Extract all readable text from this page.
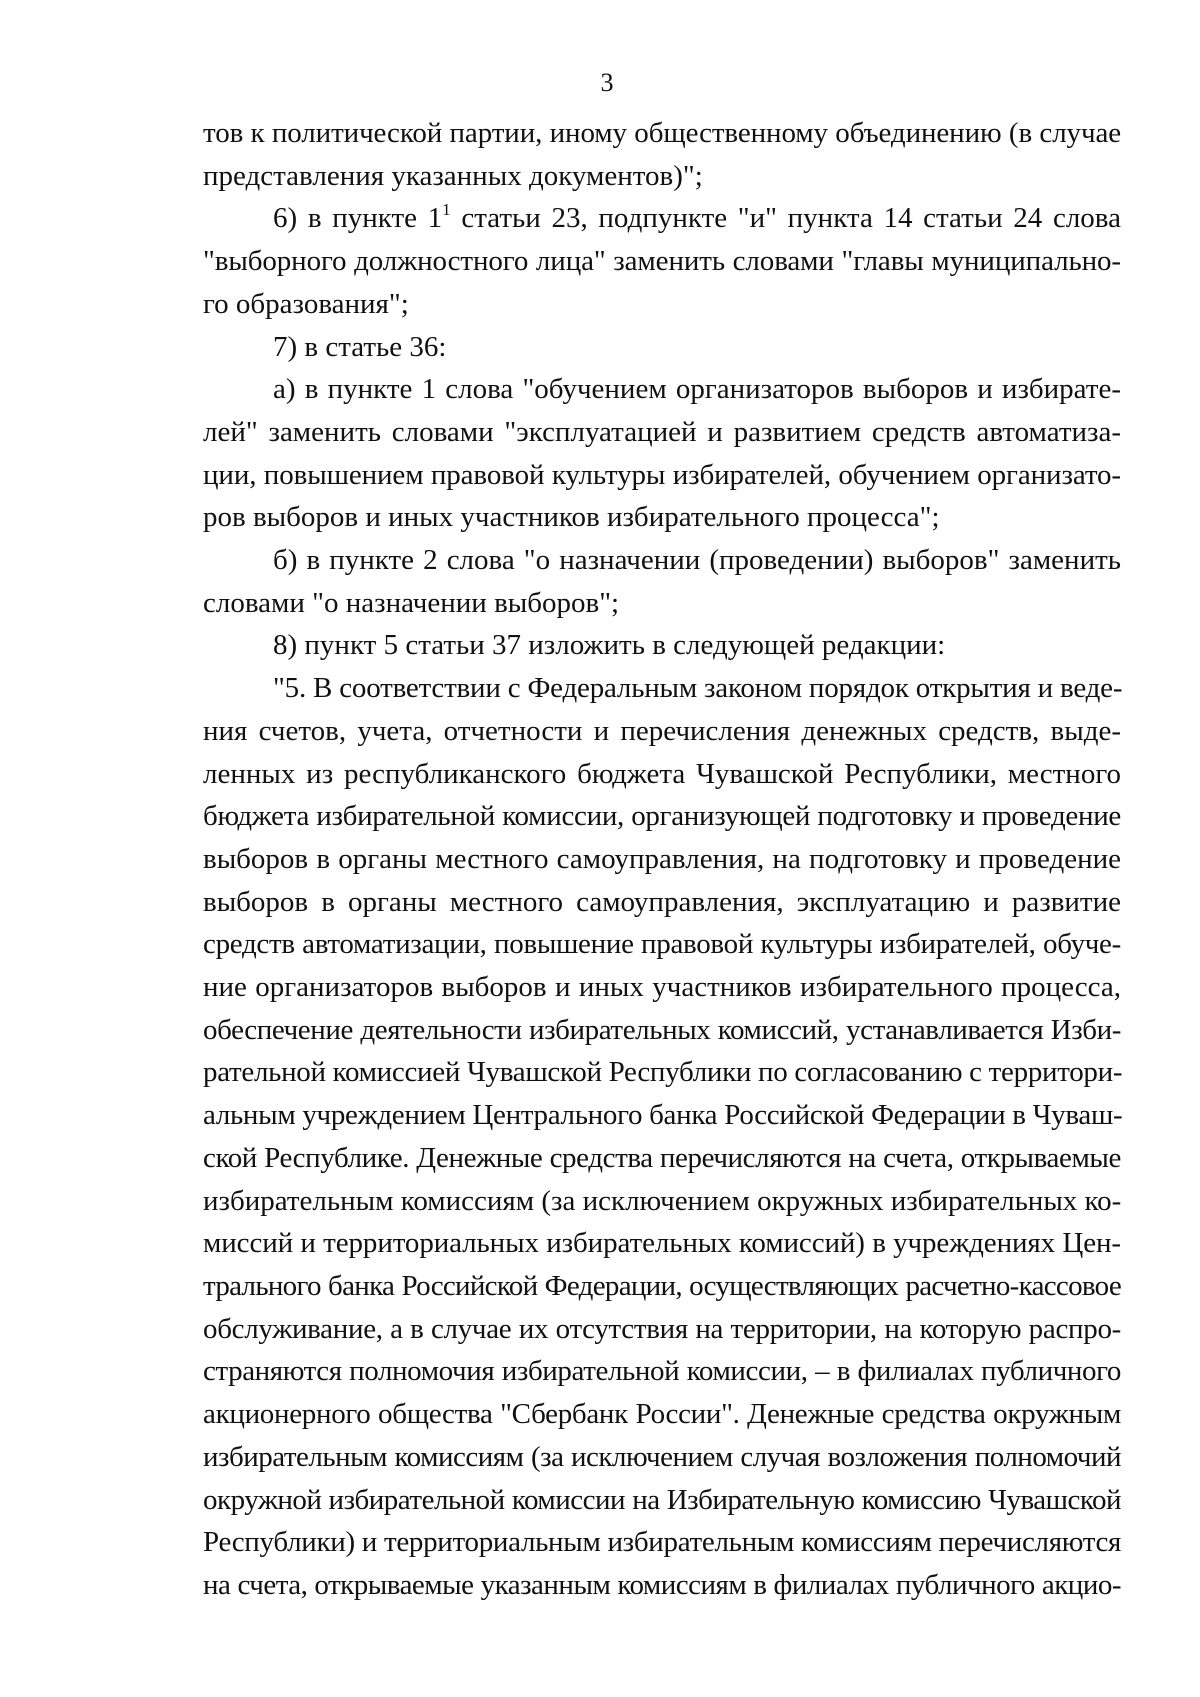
3
тов к политической партии, иному общественному объединению (в случае
представления указанных документов)";
6) в пункте $1^1$ статьи 23, подпункте "и" пункта 14 статьи 24 слова
"выборного должностного лица" заменить словами "главы муниципально-
го образования";
7) в статье 36:
а) в пункте 1 слова "обучением организаторов выборов и избирате-
лей" заменить словами "эксплуатацией и развитием средств автоматиза-
ции, повышением правовой культуры избирателей, обучением организато-
ров выборов и иных участников избирательного процесса";
б) в пункте 2 слова "о назначении (проведении) выборов" заменить
словами "о назначении выборов";
8) пункт 5 статьи 37 изложить в следующей редакции:
"5. В соответствии с Федеральным законом порядок открытия и веде-
ния счетов, учета, отчетности и перечисления денежных средств, выде-
ленных из республиканского бюджета Чувашской Республики, местного
бюджета избирательной комиссии, организующей подготовку и проведение
выборов в органы местного самоуправления, на подготовку и проведение
выборов в органы местного самоуправления, эксплуатацию и развитие
средств автоматизации, повышение правовой культуры избирателей, обуче-
ние организаторов выборов и иных участников избирательного процесса,
обеспечение деятельности избирательных комиссий, устанавливается Изби-
рательной комиссией Чувашской Республики по согласованию с территори-
альным учреждением Центрального банка Российской Федерации в Чуваш-
ской Республике. Денежные средства перечисляются на счета, открываемые
избирательным комиссиям (за исключением окружных избирательных ко-
миссий и территориальных избирательных комиссий) в учреждениях Цен-
трального банка Российской Федерации, осуществляющих расчетно-кассовое
обслуживание, а в случае их отсутствия на территории, на которую распро-
страняются полномочия избирательной комиссии, – в филиалах публичного
акционерного общества "Сбербанк России". Денежные средства окружным
избирательным комиссиям (за исключением случая возложения полномочий
окружной избирательной комиссии на Избирательную комиссию Чувашской
Республики) и территориальным избирательным комиссиям перечисляются
на счета, открываемые указанным комиссиям в филиалах публичного акцио-
